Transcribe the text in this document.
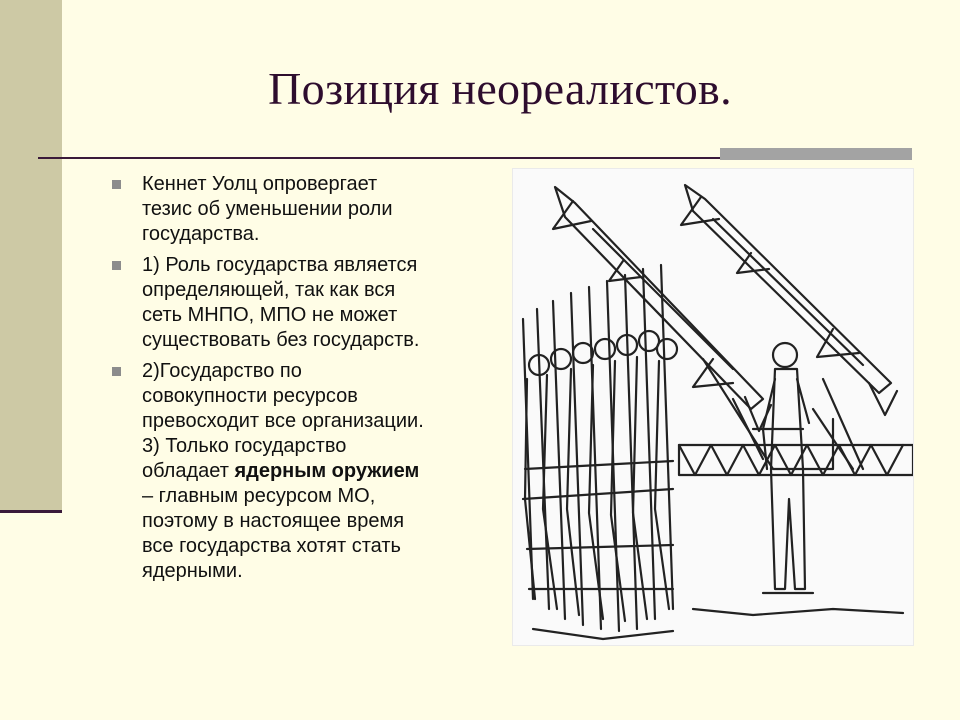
Позиция неореалистов.
Кеннет Уолц опровергает
тезис об уменьшении роли
государства.
1) Роль государства является
определяющей, так как вся
сеть МНПО, МПО не может
существовать без государств.
2)Государство по
совокупности ресурсов
превосходит все организации.
3) Только государство
обладает ядерным оружием
– главным ресурсом МО,
поэтому в настоящее время
все государства хотят стать
ядерными.
